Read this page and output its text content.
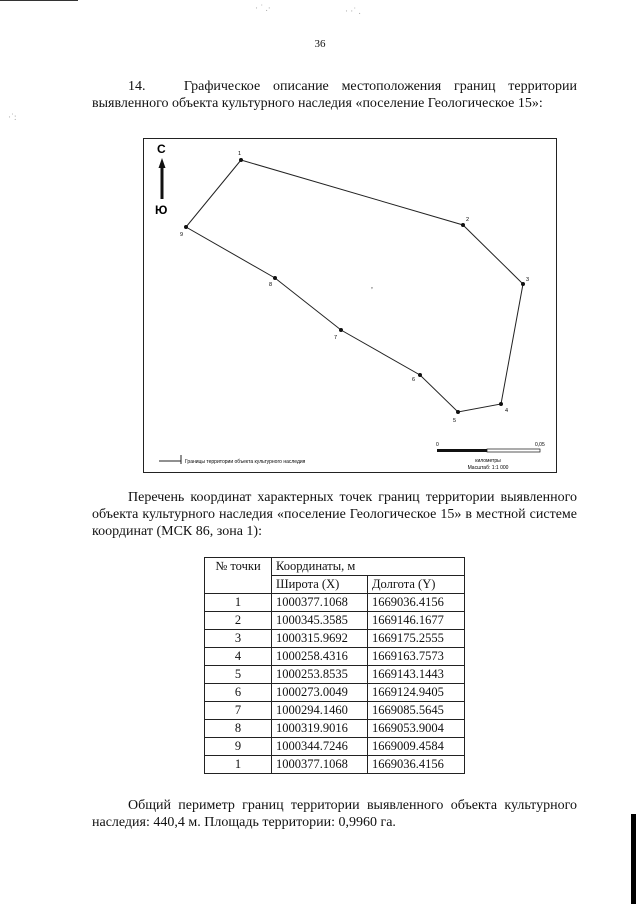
· ˙ .·	· ·˙ .
·˙:
36
14.	Графическое описание местоположения границ территории выявленного объекта культурного наследия «поселение Геологическое 15»:
С
Ю
1
2
3
4
5
6
7
8
9
,
Границы территории объекта культурного наследия
0	0,05
километры
Масштаб: 1:1 000
Перечень координат характерных точек границ территории выявленного объекта культурного наследия «поселение Геологическое 15» в местной системе координат (МСК 86, зона 1):
№ точки	Координаты, м	
	Широта (X)	Долгота (Y)
1	1000377.1068	1669036.4156
2	1000345.3585	1669146.1677
3	1000315.9692	1669175.2555
4	1000258.4316	1669163.7573
5	1000253.8535	1669143.1443
6	1000273.0049	1669124.9405
7	1000294.1460	1669085.5645
8	1000319.9016	1669053.9004
9	1000344.7246	1669009.4584
1	1000377.1068	1669036.4156
Общий периметр границ территории выявленного объекта культурного наследия: 440,4 м. Площадь территории: 0,9960 га.
